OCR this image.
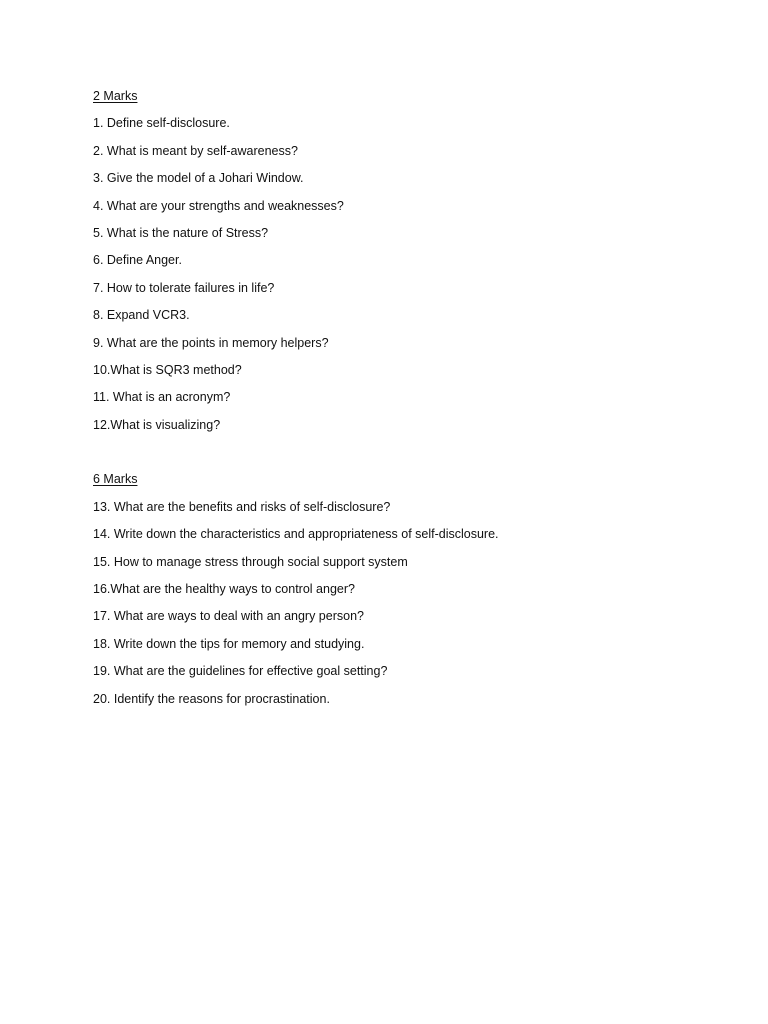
2 Marks
1. Define self-disclosure.
2. What is meant by self-awareness?
3. Give the model of a Johari Window.
4. What are your strengths and weaknesses?
5. What is the nature of Stress?
6. Define Anger.
7. How to tolerate failures in life?
8. Expand VCR3.
9. What are the points in memory helpers?
10.What is SQR3 method?
11. What is an acronym?
12.What is visualizing?
6 Marks
13. What are the benefits and risks of self-disclosure?
14. Write down the characteristics and appropriateness of self-disclosure.
15. How to manage stress through social support system
16.What are the healthy ways to control anger?
17. What are ways to deal with an angry person?
18. Write down the tips for memory and studying.
19. What are the guidelines for effective goal setting?
20. Identify the reasons for procrastination.
